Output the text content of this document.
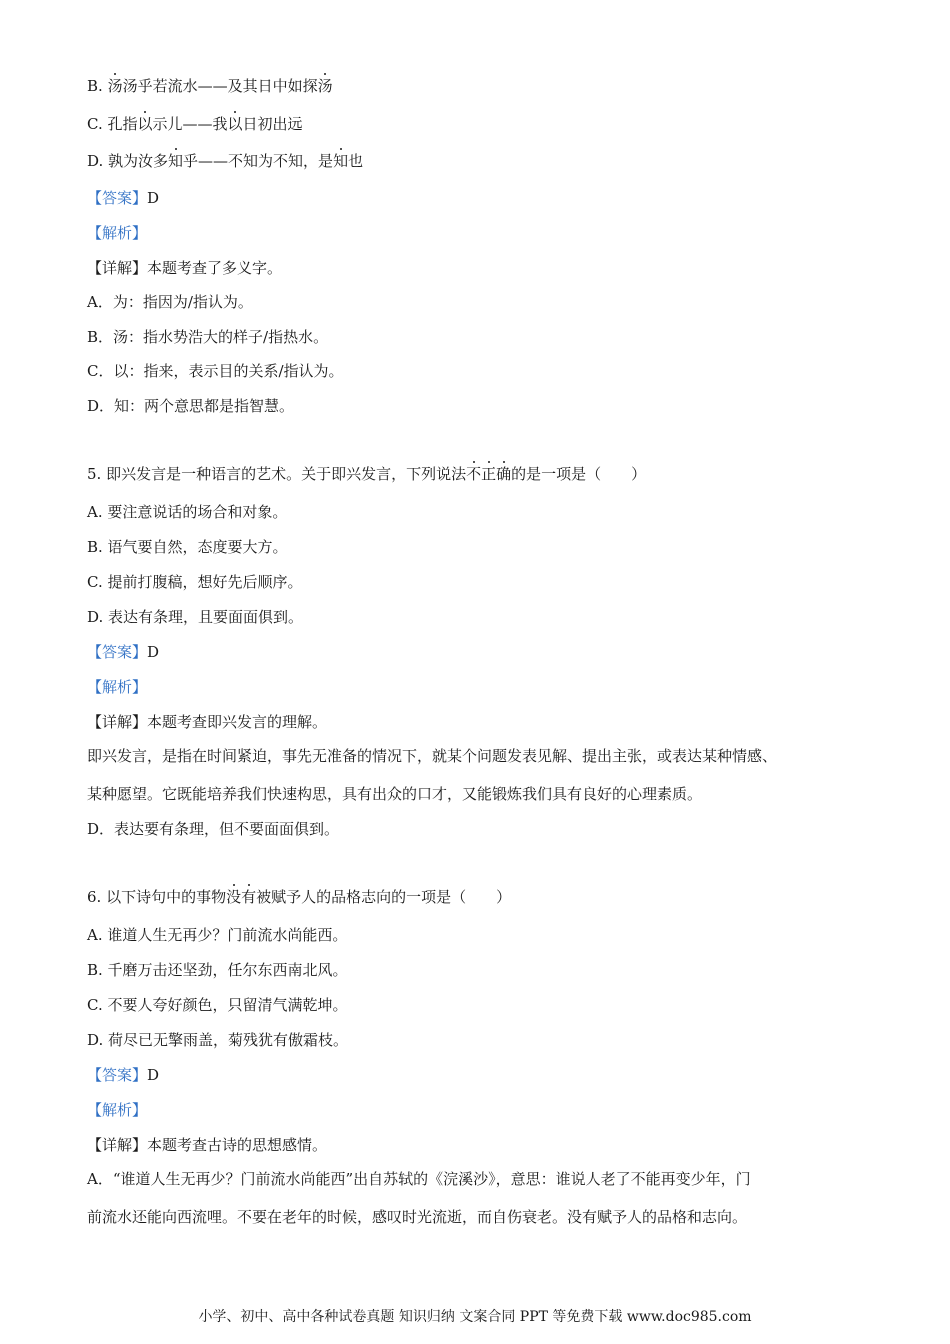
B. 汤汤乎若流水——及其日中如探汤
C. 孔指以示儿——我以日初出远
D. 孰为汝多知乎——不知为不知，是知也
【答案】D
【解析】
【详解】本题考查了多义字。
A．为：指因为/指认为。
B．汤：指水势浩大的样子/指热水。
C．以：指来，表示目的关系/指认为。
D．知：两个意思都是指智慧。
5. 即兴发言是一种语言的艺术。关于即兴发言，下列说法不正确的是一项是（　　）
A. 要注意说话的场合和对象。
B. 语气要自然，态度要大方。
C. 提前打腹稿，想好先后顺序。
D. 表达有条理，且要面面俱到。
【答案】D
【解析】
【详解】本题考查即兴发言的理解。
即兴发言，是指在时间紧迫，事先无准备的情况下，就某个问题发表见解、提出主张，或表达某种情感、
某种愿望。它既能培养我们快速构思，具有出众的口才，又能锻炼我们具有良好的心理素质。
D．表达要有条理，但不要面面俱到。
6. 以下诗句中的事物没有被赋予人的品格志向的一项是（　　）
A. 谁道人生无再少？门前流水尚能西。
B. 千磨万击还坚劲，任尔东西南北风。
C. 不要人夸好颜色，只留清气满乾坤。
D. 荷尽已无擎雨盖，菊残犹有傲霜枝。
【答案】D
【解析】
【详解】本题考查古诗的思想感情。
A．“谁道人生无再少？门前流水尚能西”出自苏轼的《浣溪沙》，意思：谁说人老了不能再变少年，门
前流水还能向西流哩。不要在老年的时候，感叹时光流逝，而自伤衰老。没有赋予人的品格和志向。
小学、初中、高中各种试卷真题 知识归纳 文案合同 PPT 等免费下载 www.doc985.com
